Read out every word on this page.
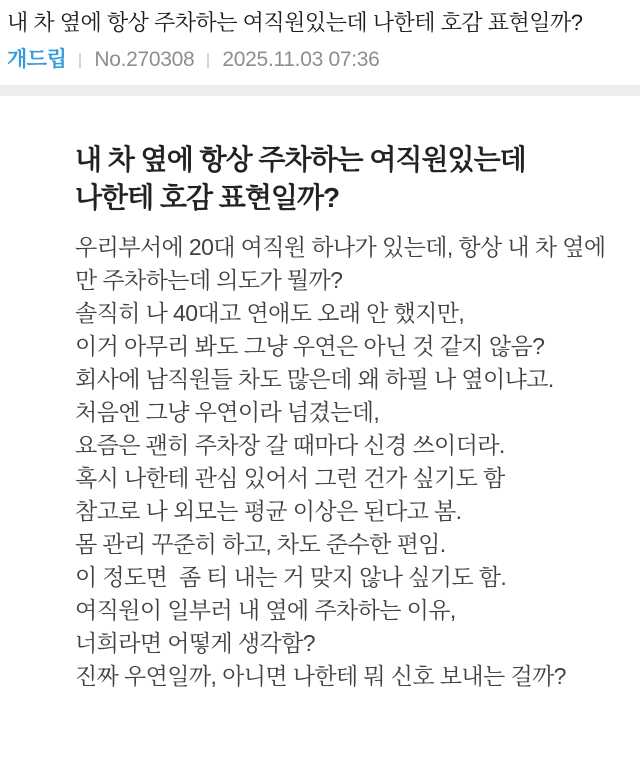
내 차 옆에 항상 주차하는 여직원있는데 나한테 호감 표현일까?
개드립 No.270308 2025.11.03 07:36
내 차 옆에 항상 주차하는 여직원있는데
나한테 호감 표현일까?
우리부서에 20대 여직원 하나가 있는데, 항상 내 차 옆에
만 주차하는데 의도가 뭘까?
솔직히 나 40대고 연애도 오래 안 했지만,
이거 아무리 봐도 그냥 우연은 아닌 것 같지 않음?
회사에 남직원들 차도 많은데 왜 하필 나 옆이냐고.
처음엔 그냥 우연이라 넘겼는데,
요즘은 괜히 주차장 갈 때마다 신경 쓰이더라.
혹시 나한테 관심 있어서 그런 건가 싶기도 함
참고로 나 외모는 평균 이상은 된다고 봄.
몸 관리 꾸준히 하고, 차도 준수한 편임.
이 정도면  좀 티 내는 거 맞지 않나 싶기도 함.
여직원이 일부러 내 옆에 주차하는 이유,
너희라면 어떻게 생각함?
진짜 우연일까, 아니면 나한테 뭐 신호 보내는 걸까?
